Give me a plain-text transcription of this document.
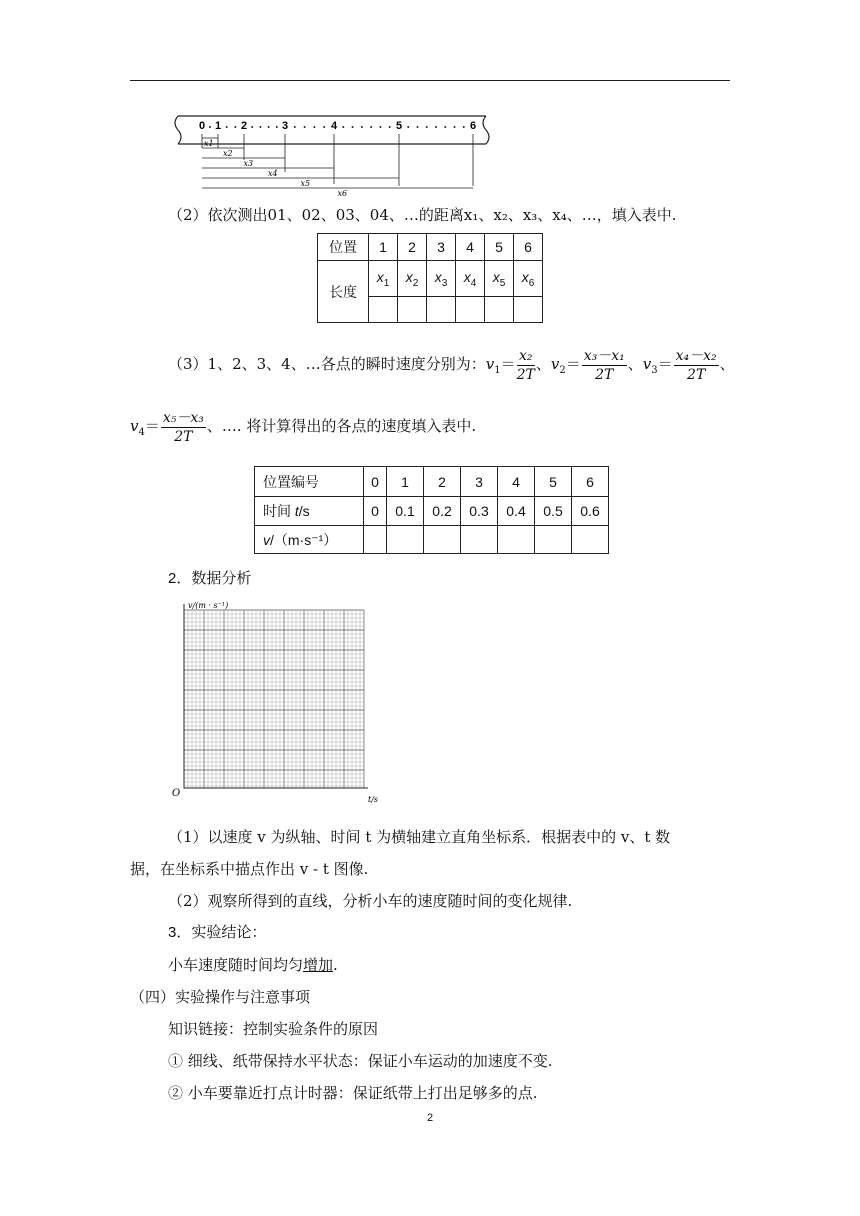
0 1 2	3	4	5	6
x1
x2
x3
x4
x5
x6
（2）依次测出01、02、03、04、…的距离x₁、x₂、x₃、x₄、…，填入表中.
位置	1	2	3	4	5	6
长度	$x_1$	$x_2$	$x_3$	$x_4$	$x_5$	$x_6$

（3）1、2、3、4、…各点的瞬时速度分别为：$v_1= \frac{\text{x₂}}{2T}$ 、$v_2= \frac{\text{x₃－x₁}}{2T}$ 、$v_3= \frac{\text{x₄－x₂}}{2T}$ 、
$v_4= \frac{\text{x₅－x₃}}{2T}$ 、…. 将计算得出的各点的速度填入表中.
位置编号	0	1	2	3	4	5	6
时间 t/s	0	0.1	0.2	0.3	0.4	0.5	0.6
v/（m·s⁻¹）							
2．数据分析
v/(m · s⁻¹)
t/s
O
（1）以速度 v 为纵轴、时间 t 为横轴建立直角坐标系．根据表中的 v、t 数
据，在坐标系中描点作出 v - t 图像.
（2）观察所得到的直线，分析小车的速度随时间的变化规律.
3．实验结论：
小车速度随时间均匀增加.
（四）实验操作与注意事项
知识链接：控制实验条件的原因
① 细线、纸带保持水平状态：保证小车运动的加速度不变.
② 小车要靠近打点计时器：保证纸带上打出足够多的点.
2
